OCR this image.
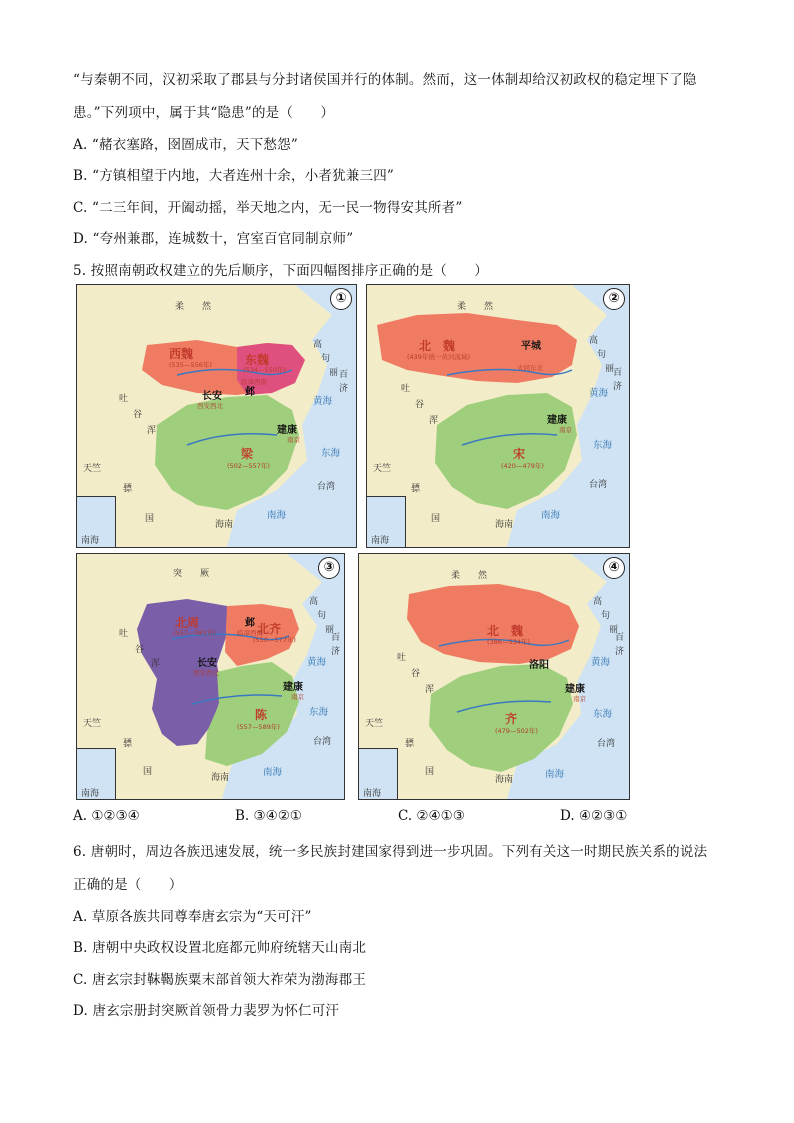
“与秦朝不同，汉初采取了郡县与分封诸侯国并行的体制。然而，这一体制却给汉初政权的稳定埋下了隐
患。”下列项中，属于其“隐患”的是（　　）
A. “赭衣塞路，囹圄成市，天下愁怨”
B. “方镇相望于内地，大者连州十余，小者犹兼三四”
C. “二三年间，开阖动摇，举天地之内，无一民一物得安其所者”
D. “夸州兼郡，连城数十，宫室百官同制京师”
5. 按照南朝政权建立的先后顺序，下面四幅图排序正确的是（　　）
①
柔　　然
西魏
(535—556年)	东魏
(534—550年)
梁
(502—557年)
长安
西安西北
邺
临漳西南
建康
南京
吐
谷
浑
高
句
丽 百
济
黄海
东海
南海
台湾
海南
天竺
骠
国
南海
②
柔　　然
北　魏
(439年统一黄河流域)
宋
(420—479年)
平城
大同东北
建康
南京
吐
谷
浑
高
句
丽
百
济
黄海
东海
南海
台湾
海南
天竺
骠
国
南海
③
突　　厥
北周
(557—581年)	北齐
(550—577年)
陈
(557—589年)
长安
西安西北
邺
临漳西南
建康
南京
吐
谷
浑
高
句
丽
百
济
黄海
东海
南海
台湾
海南
天竺
骠
国
南海
④
柔　　然
北　魏
(386—534年)
齐
(479—502年)
洛阳
建康
南京
吐
谷
浑
高
句
丽
百
济
黄海
东海
南海
台湾
海南
天竺
骠
国
南海
A. ①②③④	B. ③④②①	C. ②④①③	D. ④②③①
6. 唐朝时，周边各族迅速发展，统一多民族封建国家得到进一步巩固。下列有关这一时期民族关系的说法
正确的是（　　）
A. 草原各族共同尊奉唐玄宗为“天可汗”
B. 唐朝中央政权设置北庭都元帅府统辖天山南北
C. 唐玄宗封靺鞨族粟末部首领大祚荣为渤海郡王
D. 唐玄宗册封突厥首领骨力裴罗为怀仁可汗
